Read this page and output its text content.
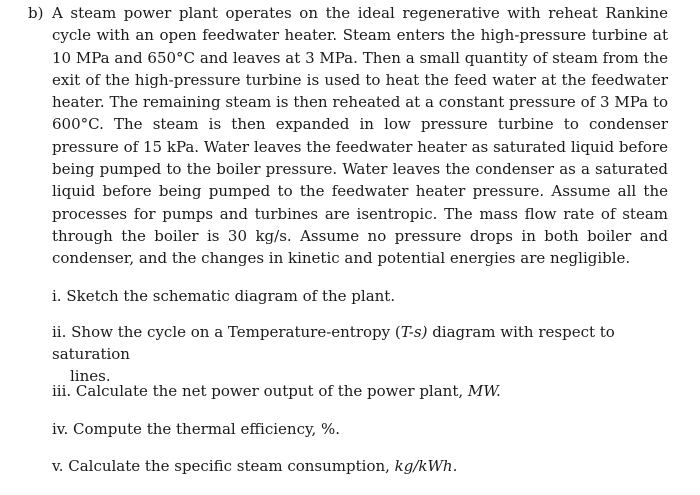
b) A steam power plant operates on the ideal regenerative with reheat Rankine cycle with an open feedwater heater. Steam enters the high-pressure turbine at 10 MPa and 650°C and leaves at 3 MPa. Then a small quantity of steam from the exit of the high-pressure turbine is used to heat the feed water at the feedwater heater. The remaining steam is then reheated at a constant pressure of 3 MPa to 600°C. The steam is then expanded in low pressure turbine to condenser pressure of 15 kPa. Water leaves the feedwater heater as saturated liquid before being pumped to the boiler pressure. Water leaves the condenser as a saturated liquid before being pumped to the feedwater heater pressure. Assume all the processes for pumps and turbines are isentropic. The mass flow rate of steam through the boiler is 30 kg/s. Assume no pressure drops in both boiler and condenser, and the changes in kinetic and potential energies are negligible.
i. Sketch the schematic diagram of the plant.
ii. Show the cycle on a Temperature-entropy (T-s) diagram with respect to saturation
lines.
iii. Calculate the net power output of the power plant, MW.
iv. Compute the thermal efficiency, %.
v. Calculate the specific steam consumption, kg/kWh.
